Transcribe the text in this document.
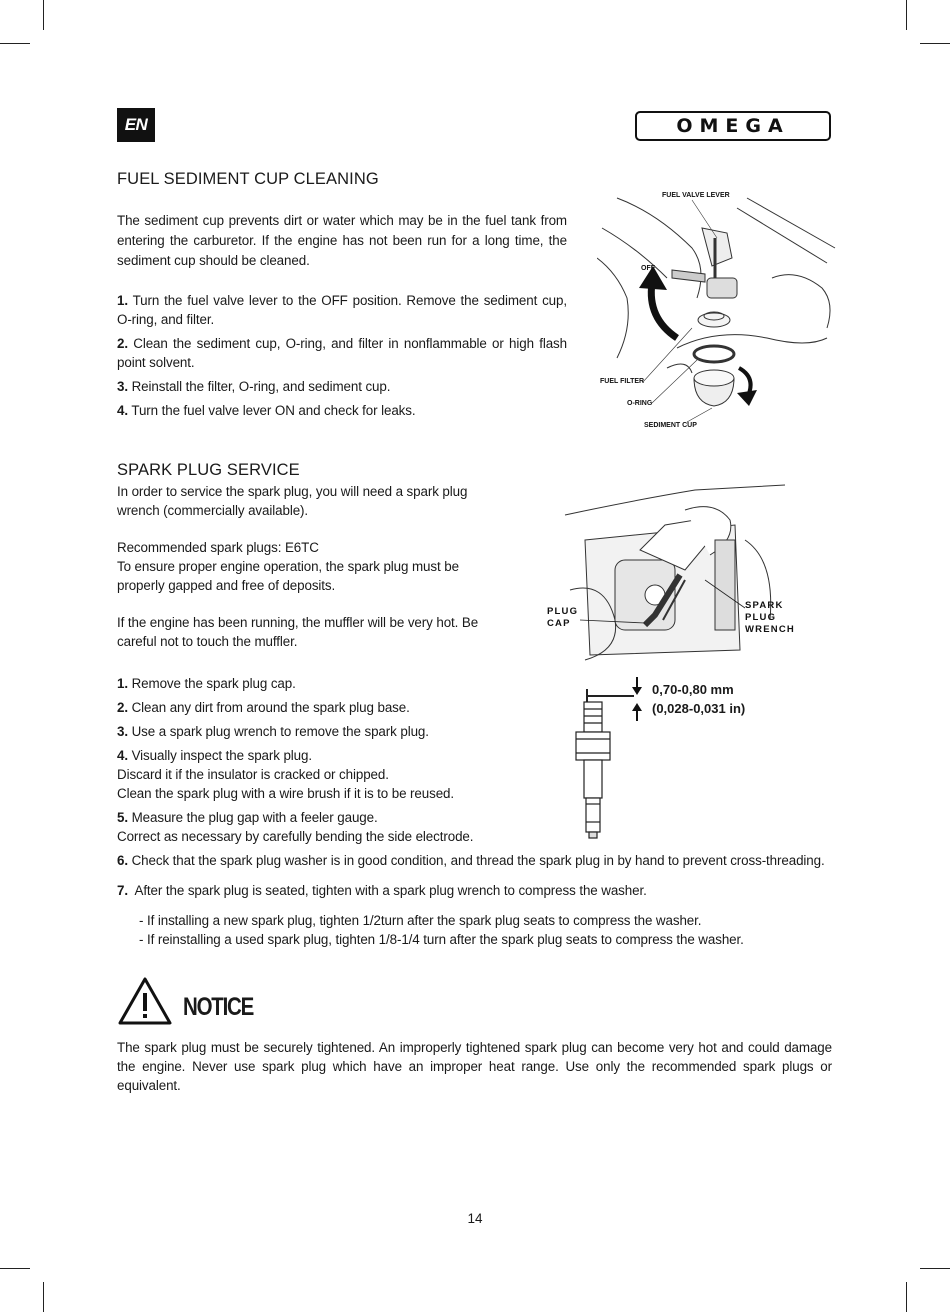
EN	OMEGA
FUEL SEDIMENT CUP CLEANING

The sediment cup prevents dirt or water which may be in the fuel tank from entering the carburetor. If the engine has not been run for a long time, the sediment cup should be cleaned.

1. Turn the fuel valve lever to the OFF position. Remove the sediment cup, O-ring, and filter.

2. Clean the sediment cup, O-ring, and filter in nonflammable or high flash point solvent.

3. Reinstall the filter, O-ring, and sediment cup.

4. Turn the fuel valve lever ON and check for leaks.

FUEL VALVE LEVER
OFF
FUEL FILTER
O-RING
SEDIMENT CUP
SPARK PLUG SERVICE

In order to service the spark plug, you will need a spark plug wrench (commercially available).

Recommended spark plugs: E6TC

To ensure proper engine operation, the spark plug must be properly gapped and free of deposits.

If the engine has been running, the muffler will be very hot. Be careful not to touch the muffler.

PLUG
CAP
SPARK
PLUG
WRENCH
0,70-0,80 mm
(0,028-0,031 in)

1. Remove the spark plug cap.

2. Clean any dirt from around the spark plug base.

3. Use a spark plug wrench to remove the spark plug.

4. Visually inspect the spark plug.
Discard it if the insulator is cracked or chipped.
Clean the spark plug with a wire brush if it is to be reused.

5. Measure the plug gap with a feeler gauge.
Correct as necessary by carefully bending the side electrode.

6. Check that the spark plug washer is in good condition, and thread the spark plug in by hand to prevent cross-threading.

7. After the spark plug is seated, tighten with a spark plug wrench to compress the washer.

- If installing a new spark plug, tighten 1/2turn after the spark plug seats to compress the washer.
- If reinstalling a used spark plug, tighten 1/8-1/4 turn after the spark plug seats to compress the washer.
NOTICE

The spark plug must be securely tightened. An improperly tightened spark plug can become very hot and could damage the engine. Never use spark plug which have an improper heat range. Use only the recommended spark plugs or equivalent.

14
